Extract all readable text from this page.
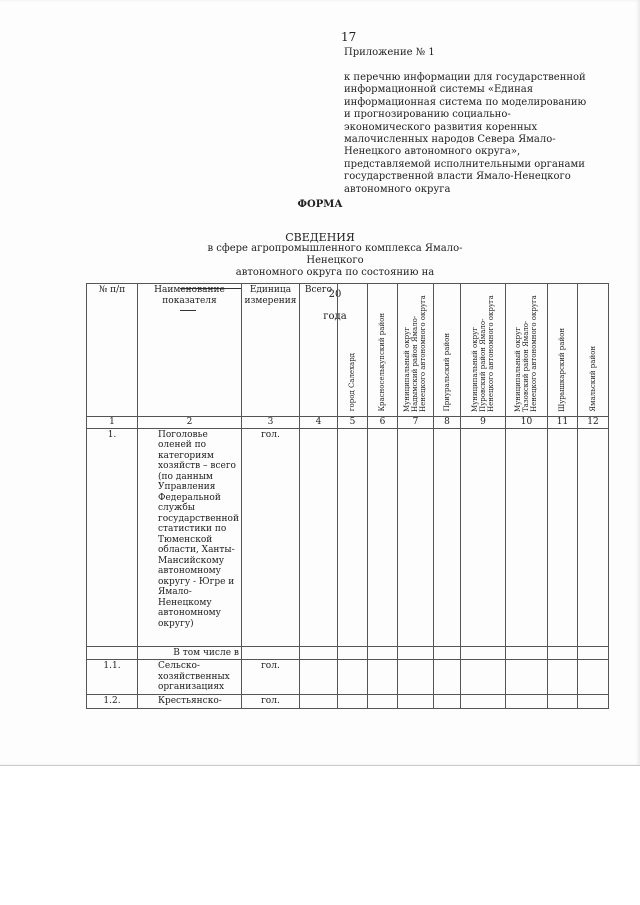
17
Приложение № 1
к перечню информации для государственной информационной системы «Единая информационная система по моделированию и прогнозированию социально-экономического развития коренных малочисленных народов Севера Ямало-Ненецкого автономного округа», представляемой исполнительными органами государственной власти Ямало-Ненецкого автономного округа
ФОРМА
СВЕДЕНИЯ
в сфере агропромышленного комплекса Ямало-Ненецкого
автономного округа по состоянию на
20
года
№ п/п	Наименование показателя	Единица измерения	Всего	город Салехард	Красноселькупский район	Муниципальный округ Надымский район Ямало-Ненецкого автономного округа	Приуральский район	Муниципальный округ Пуровский район Ямало-Ненецкого автономного округа	Муниципальный округ Тазовский район Ямало-Ненецкого автономного округа	Шурышкарский район	Ямальский район
1	2	3	4	5	6	7	8	9	10	11	12
1.	Поголовье оленей по категориям хозяйств – всего (по данным Управления Федеральной службы государственной статистики по Тюменской области, Ханты-Мансийскому автономному округу - Югре и Ямало-Ненецкому автономному округу)	гол.									
	В том числе в										
1.1.	Сельско-хозяйственных организациях	гол.									
1.2.	Крестьянско-	гол.									
